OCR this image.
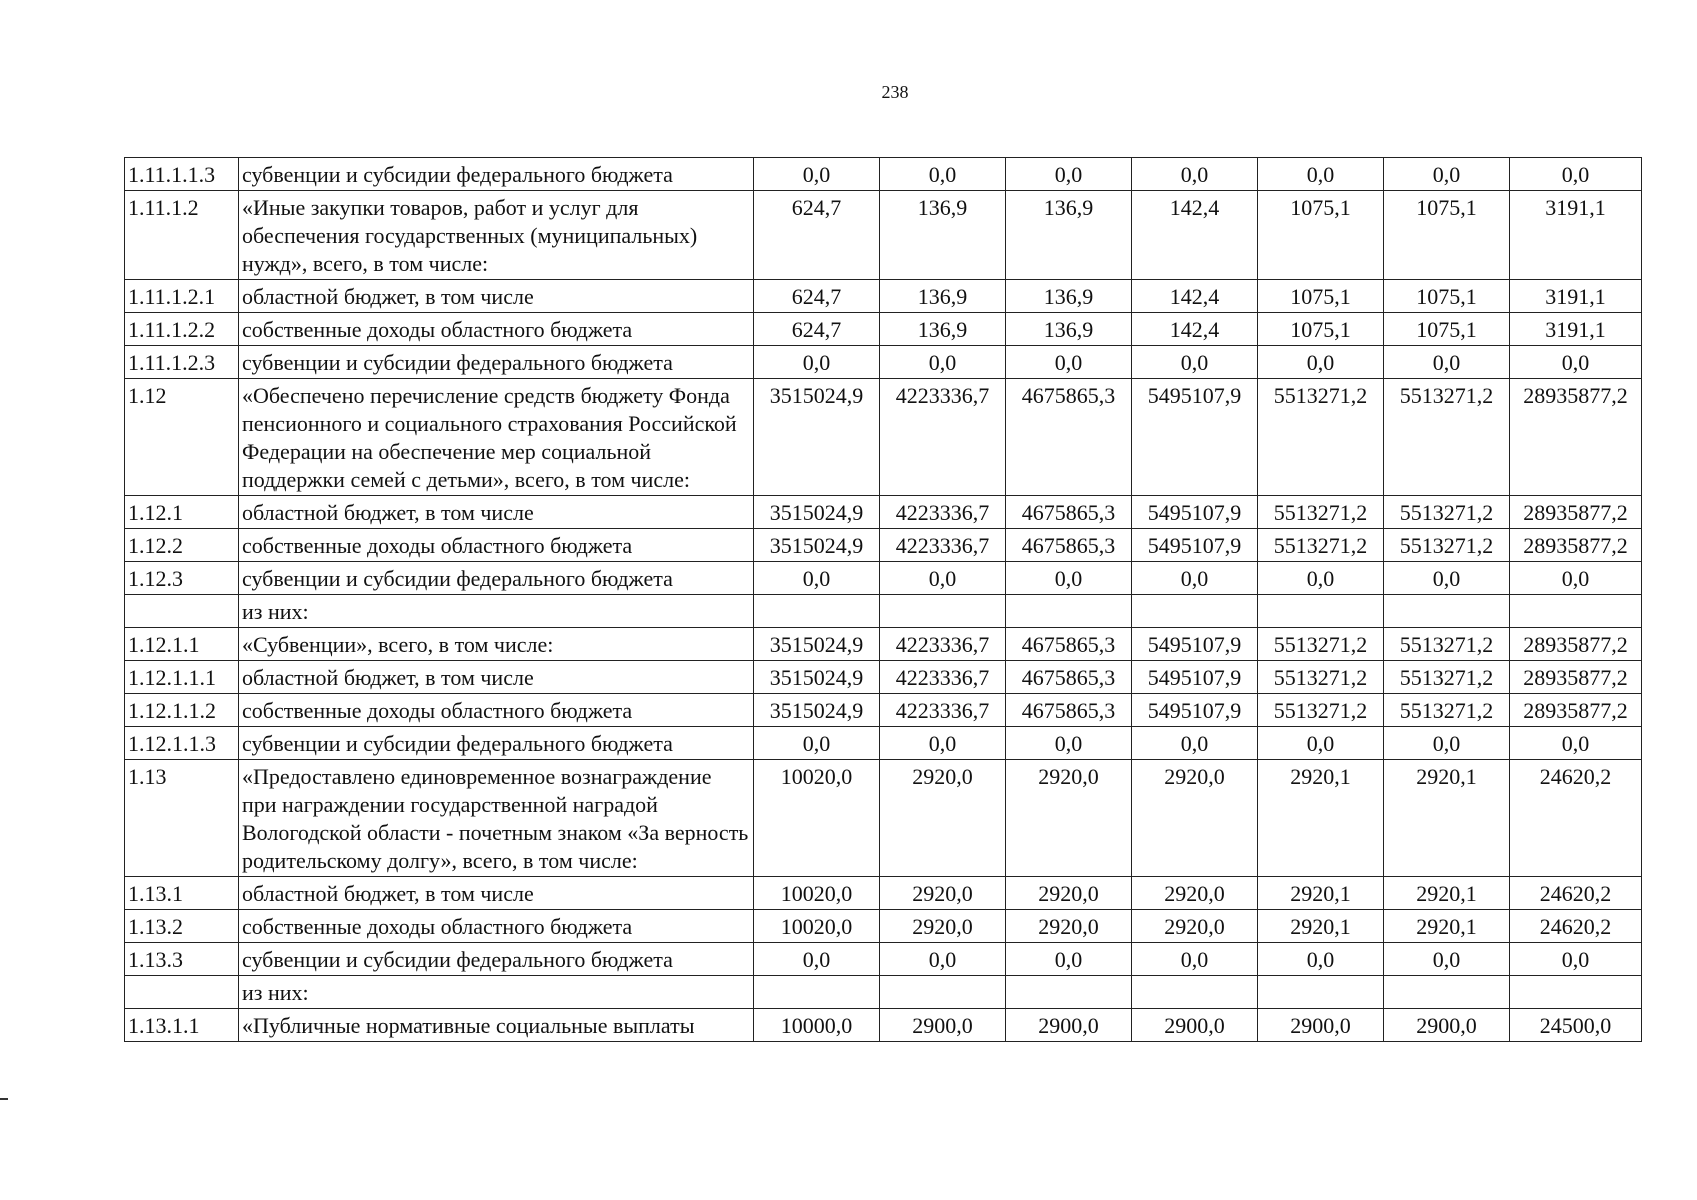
238
1.11.1.1.3	субвенции и субсидии федерального бюджета	0,0	0,0	0,0	0,0	0,0	0,0	0,0
1.11.1.2	«Иные закупки товаров, работ и услуг для обеспечения государственных (муниципальных) нужд», всего, в том числе:	624,7	136,9	136,9	142,4	1075,1	1075,1	3191,1
1.11.1.2.1	областной бюджет, в том числе	624,7	136,9	136,9	142,4	1075,1	1075,1	3191,1
1.11.1.2.2	собственные доходы областного бюджета	624,7	136,9	136,9	142,4	1075,1	1075,1	3191,1
1.11.1.2.3	субвенции и субсидии федерального бюджета	0,0	0,0	0,0	0,0	0,0	0,0	0,0
1.12	«Обеспечено перечисление средств бюджету Фонда пенсионного и социального страхования Российской Федерации на обеспечение мер социальной поддержки семей с детьми», всего, в том числе:	3515024,9	4223336,7	4675865,3	5495107,9	5513271,2	5513271,2	28935877,2
1.12.1	областной бюджет, в том числе	3515024,9	4223336,7	4675865,3	5495107,9	5513271,2	5513271,2	28935877,2
1.12.2	собственные доходы областного бюджета	3515024,9	4223336,7	4675865,3	5495107,9	5513271,2	5513271,2	28935877,2
1.12.3	субвенции и субсидии федерального бюджета	0,0	0,0	0,0	0,0	0,0	0,0	0,0
	из них:							
1.12.1.1	«Субвенции», всего, в том числе:	3515024,9	4223336,7	4675865,3	5495107,9	5513271,2	5513271,2	28935877,2
1.12.1.1.1	областной бюджет, в том числе	3515024,9	4223336,7	4675865,3	5495107,9	5513271,2	5513271,2	28935877,2
1.12.1.1.2	собственные доходы областного бюджета	3515024,9	4223336,7	4675865,3	5495107,9	5513271,2	5513271,2	28935877,2
1.12.1.1.3	субвенции и субсидии федерального бюджета	0,0	0,0	0,0	0,0	0,0	0,0	0,0
1.13	«Предоставлено единовременное вознаграждение при награждении государственной наградой Вологодской области - почетным знаком «За верность родительскому долгу», всего, в том числе:	10020,0	2920,0	2920,0	2920,0	2920,1	2920,1	24620,2
1.13.1	областной бюджет, в том числе	10020,0	2920,0	2920,0	2920,0	2920,1	2920,1	24620,2
1.13.2	собственные доходы областного бюджета	10020,0	2920,0	2920,0	2920,0	2920,1	2920,1	24620,2
1.13.3	субвенции и субсидии федерального бюджета	0,0	0,0	0,0	0,0	0,0	0,0	0,0
	из них:							
1.13.1.1	«Публичные нормативные социальные выплаты	10000,0	2900,0	2900,0	2900,0	2900,0	2900,0	24500,0
